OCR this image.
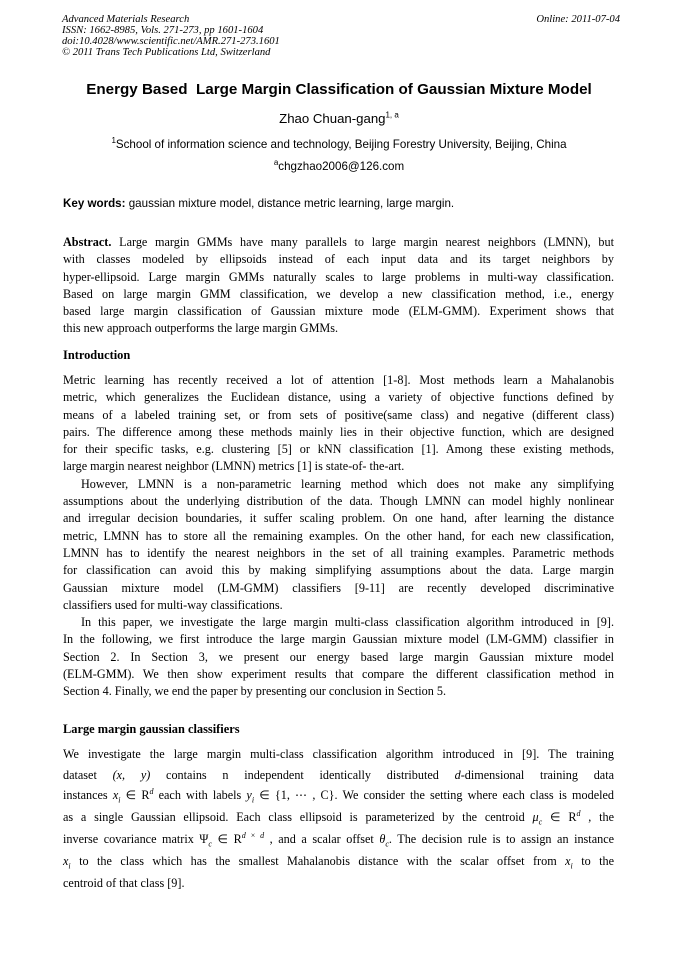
Advanced Materials Research
ISSN: 1662-8985, Vols. 271-273, pp 1601-1604
doi:10.4028/www.scientific.net/AMR.271-273.1601
© 2011 Trans Tech Publications Ltd, Switzerland
Online: 2011-07-04
Energy Based  Large Margin Classification of Gaussian Mixture Model
Zhao Chuan-gang$^{1, a}$
$^1$School of information science and technology, Beijing Forestry University, Beijing, China
$^a$chgzhao2006@126.com
Key words: gaussian mixture model, distance metric learning, large margin.
Abstract. Large margin GMMs have many parallels to large margin nearest neighbors (LMNN), but
with classes modeled by ellipsoids instead of each input data and its target neighbors by
hyper-ellipsoid. Large margin GMMs naturally scales to large problems in multi-way classification.
Based on large margin GMM classification, we develop a new classification method, i.e., energy
based large margin classification of Gaussian mixture mode (ELM-GMM). Experiment shows that
this new approach outperforms the large margin GMMs.
Introduction
Metric learning has recently received a lot of attention [1-8]. Most methods learn a Mahalanobis
metric, which generalizes the Euclidean distance, using a variety of objective functions defined by
means of a labeled training set, or from sets of positive(same class) and negative (different class)
pairs. The difference among these methods mainly lies in their objective function, which are designed
for their specific tasks, e.g. clustering [5] or kNN classification [1]. Among these existing methods,
large margin nearest neighbor (LMNN) metrics [1] is state-of- the-art.
However, LMNN is a non-parametric learning method which does not make any simplifying
assumptions about the underlying distribution of the data. Though LMNN can model highly nonlinear
and irregular decision boundaries, it suffer scaling problem. On one hand, after learning the distance
metric, LMNN has to store all the remaining examples. On the other hand, for each new classification,
LMNN has to identify the nearest neighbors in the set of all training examples. Parametric methods
for classification can avoid this by making simplifying assumptions about the data. Large margin
Gaussian mixture model (LM-GMM) classifiers [9-11] are recently developed discriminative
classifiers used for multi-way classifications.
In this paper, we investigate the large margin multi-class classification algorithm introduced in [9].
In the following, we first introduce the large margin Gaussian mixture model (LM-GMM) classifier in
Section 2. In Section 3, we present our energy based large margin Gaussian mixture model
(ELM-GMM). We then show experiment results that compare the different classification method in
Section 4. Finally, we end the paper by presenting our conclusion in Section 5.
Large margin gaussian classifiers
We investigate the large margin multi-class classification algorithm introduced in [9]. The training
dataset (x, y) contains n independent identically distributed d-dimensional training data
instances $x_i$ ∈ $R^d$ each with labels $y_i$ ∈ {1, ⋯ , C}. We consider the setting where each class is modeled
as a single Gaussian ellipsoid. Each class ellipsoid is parameterized by the centroid $\mu_c$ ∈ $R^d$ , the
inverse covariance matrix $\Psi_c$ ∈ $R^{d \times d}$ , and a scalar offset $\theta_c$. The decision rule is to assign an instance
$x_i$ to the class which has the smallest Mahalanobis distance with the scalar offset from $x_i$ to the
centroid of that class [9].
